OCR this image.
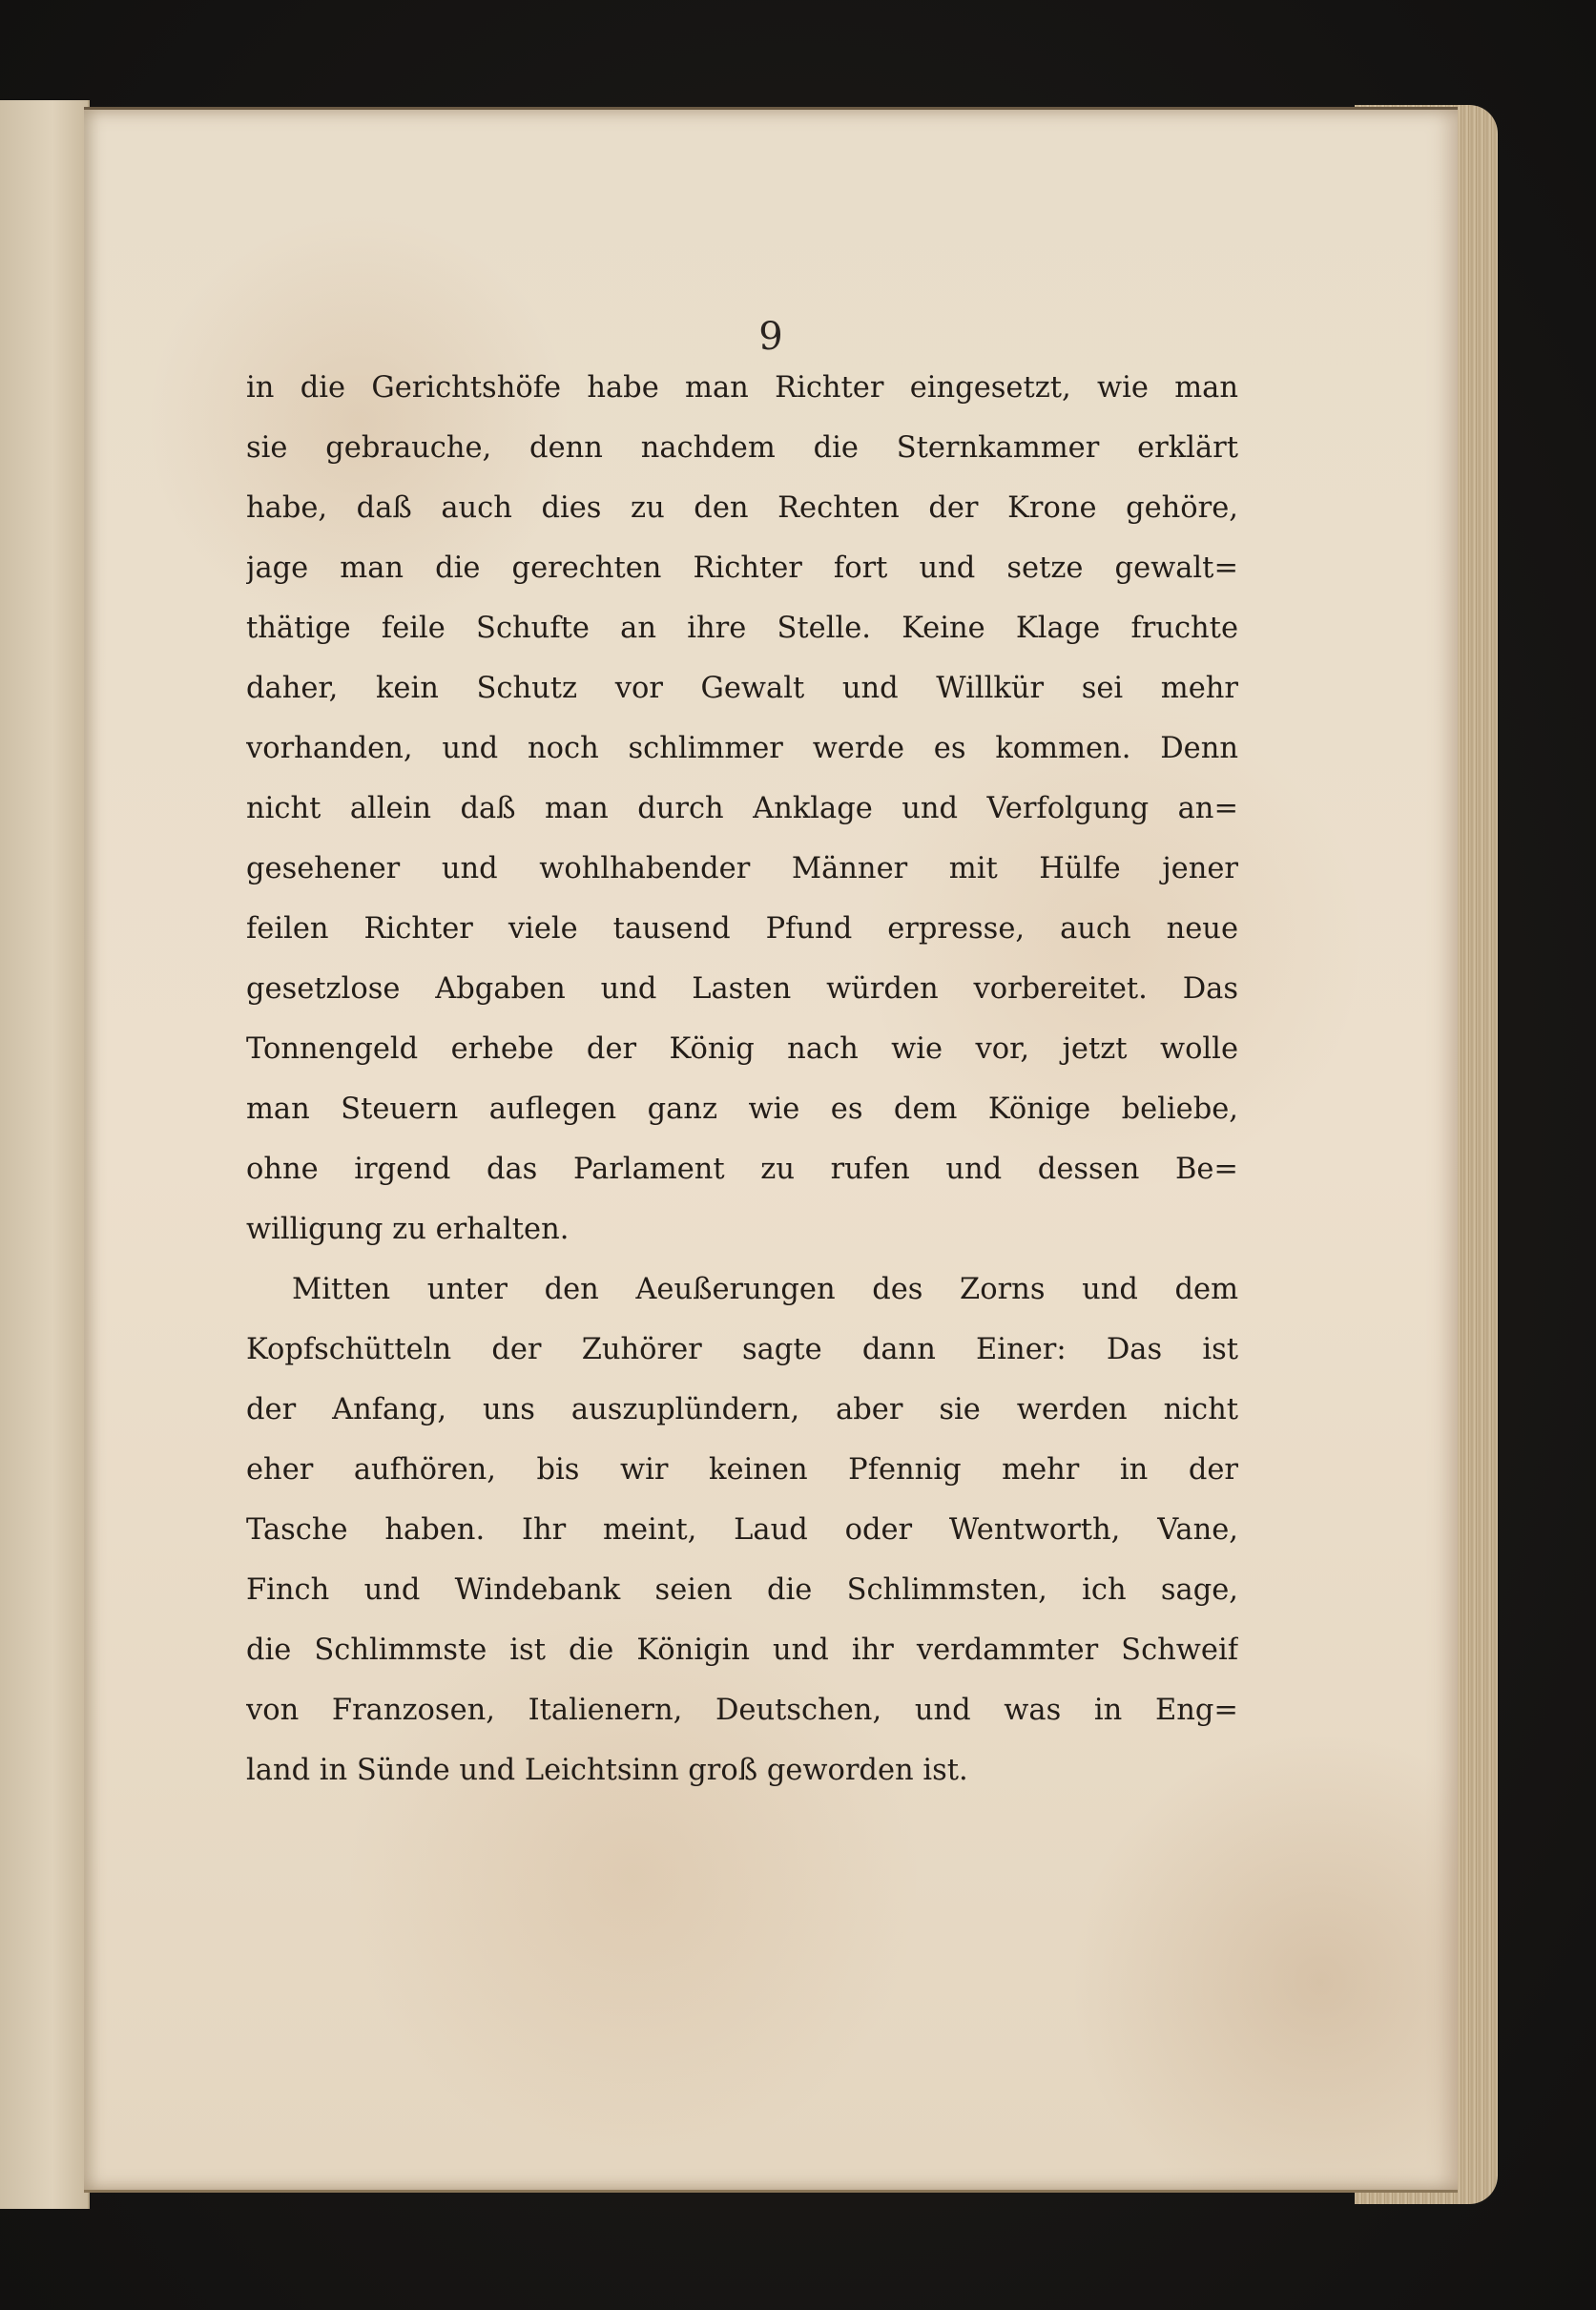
9
in die Gerichtshöfe habe man Richter eingesetzt, wie man
sie gebrauche, denn nachdem die Sternkammer erklärt
habe, daß auch dies zu den Rechten der Krone gehöre,
jage man die gerechten Richter fort und setze gewalt=
thätige feile Schufte an ihre Stelle. Keine Klage fruchte
daher, kein Schutz vor Gewalt und Willkür sei mehr
vorhanden, und noch schlimmer werde es kommen. Denn
nicht allein daß man durch Anklage und Verfolgung an=
gesehener und wohlhabender Männer mit Hülfe jener
feilen Richter viele tausend Pfund erpresse, auch neue
gesetzlose Abgaben und Lasten würden vorbereitet. Das
Tonnengeld erhebe der König nach wie vor, jetzt wolle
man Steuern auflegen ganz wie es dem Könige beliebe,
ohne irgend das Parlament zu rufen und dessen Be=
willigung zu erhalten.
Mitten unter den Aeußerungen des Zorns und dem
Kopfschütteln der Zuhörer sagte dann Einer: Das ist
der Anfang, uns auszuplündern, aber sie werden nicht
eher aufhören, bis wir keinen Pfennig mehr in der
Tasche haben. Ihr meint, Laud oder Wentworth, Vane,
Finch und Windebank seien die Schlimmsten, ich sage,
die Schlimmste ist die Königin und ihr verdammter Schweif
von Franzosen, Italienern, Deutschen, und was in Eng=
land in Sünde und Leichtsinn groß geworden ist.
